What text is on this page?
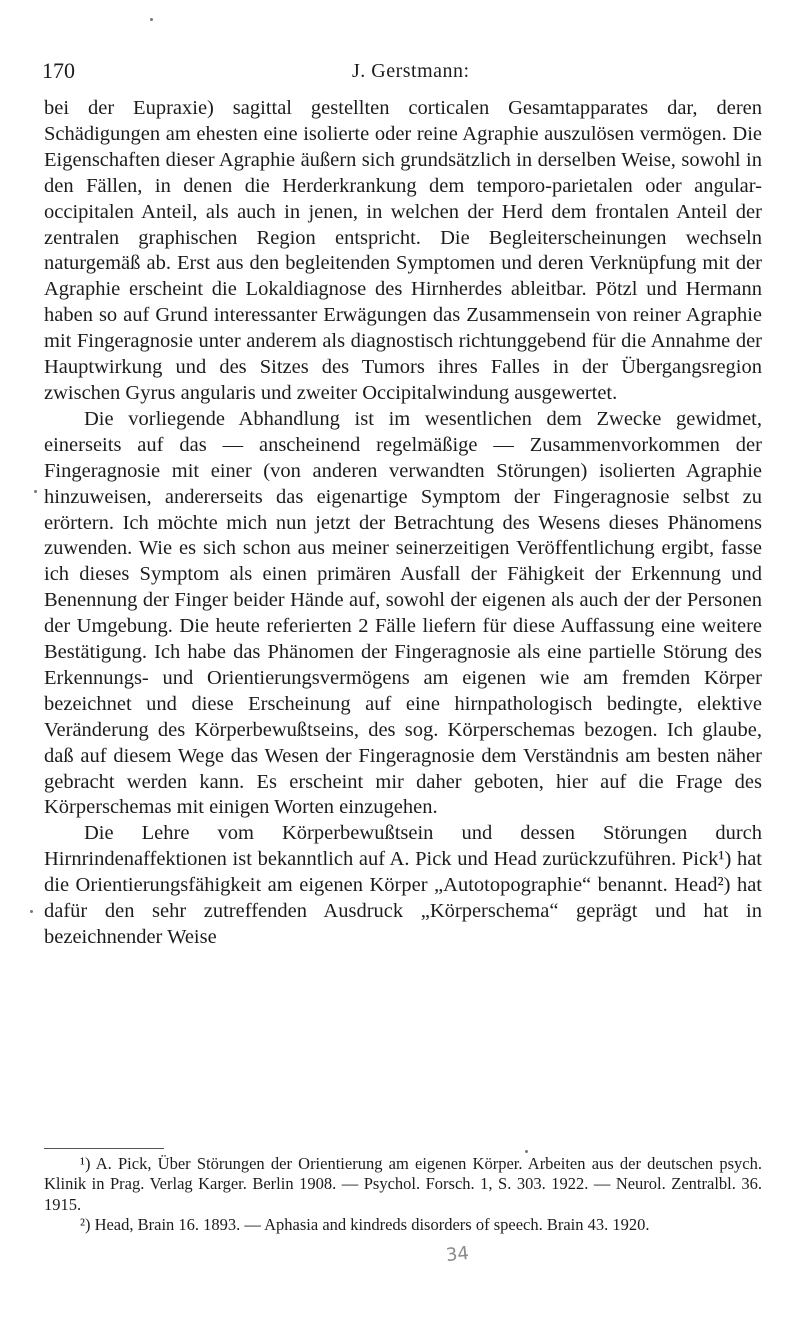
170	J. Gerstmann:

bei der Eupraxie) sagittal gestellten corticalen Gesamtapparates dar, deren Schädigungen am ehesten eine isolierte oder reine Agraphie auszulösen vermögen. Die Eigenschaften dieser Agraphie äußern sich grundsätzlich in derselben Weise, sowohl in den Fällen, in denen die Herderkrankung dem temporo-parietalen oder angular-occipitalen Anteil, als auch in jenen, in welchen der Herd dem frontalen Anteil der zentralen graphischen Region entspricht. Die Begleiterscheinungen wechseln naturgemäß ab. Erst aus den begleitenden Symptomen und deren Verknüpfung mit der Agraphie erscheint die Lokaldiagnose des Hirnherdes ableitbar. Pötzl und Hermann haben so auf Grund interessanter Erwägungen das Zusammensein von reiner Agraphie mit Fingeragnosie unter anderem als diagnostisch richtunggebend für die Annahme der Hauptwirkung und des Sitzes des Tumors ihres Falles in der Übergangsregion zwischen Gyrus angularis und zweiter Occipitalwindung ausgewertet.

Die vorliegende Abhandlung ist im wesentlichen dem Zwecke gewidmet, einerseits auf das — anscheinend regelmäßige — Zusammenvorkommen der Fingeragnosie mit einer (von anderen verwandten Störungen) isolierten Agraphie hinzuweisen, andererseits das eigenartige Symptom der Fingeragnosie selbst zu erörtern. Ich möchte mich nun jetzt der Betrachtung des Wesens dieses Phänomens zuwenden. Wie es sich schon aus meiner seinerzeitigen Veröffentlichung ergibt, fasse ich dieses Symptom als einen primären Ausfall der Fähigkeit der Erkennung und Benennung der Finger beider Hände auf, sowohl der eigenen als auch der der Personen der Umgebung. Die heute referierten 2 Fälle liefern für diese Auffassung eine weitere Bestätigung. Ich habe das Phänomen der Fingeragnosie als eine partielle Störung des Erkennungs- und Orientierungsvermögens am eigenen wie am fremden Körper bezeichnet und diese Erscheinung auf eine hirnpathologisch bedingte, elektive Veränderung des Körperbewußtseins, des sog. Körperschemas bezogen. Ich glaube, daß auf diesem Wege das Wesen der Fingeragnosie dem Verständnis am besten näher gebracht werden kann. Es erscheint mir daher geboten, hier auf die Frage des Körperschemas mit einigen Worten einzugehen.

Die Lehre vom Körperbewußtsein und dessen Störungen durch Hirnrindenaffektionen ist bekanntlich auf A. Pick und Head zurückzuführen. Pick¹) hat die Orientierungsfähigkeit am eigenen Körper „Autotopographie“ benannt. Head²) hat dafür den sehr zutreffenden Ausdruck „Körperschema“ geprägt und hat in bezeichnender Weise

¹) A. Pick, Über Störungen der Orientierung am eigenen Körper. Arbeiten aus der deutschen psych. Klinik in Prag. Verlag Karger. Berlin 1908. — Psychol. Forsch. 1, S. 303. 1922. — Neurol. Zentralbl. 36. 1915.

²) Head, Brain 16. 1893. — Aphasia and kindreds disorders of speech. Brain 43. 1920.

34
